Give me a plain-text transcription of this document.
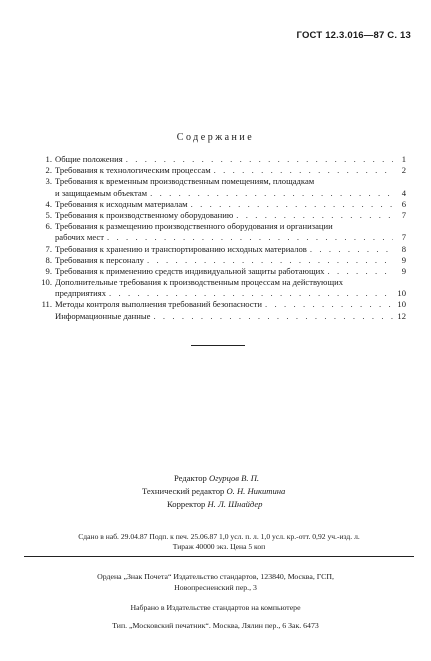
ГОСТ 12.3.016—87 С. 13
Содержание
1. Общие положения . . .	1
2. Требования к технологическим процессам . . .	2
3. Требования к временным производственным помещениям, площадкам
и защищаемым объектам . . .	4
4. Требования к исходным материалам . . .	6
5. Требования к производственному оборудованию . . .	7
6. Требования к размещению производственного оборудования и организации
рабочих мест . . .	7
7. Требования к хранению и транспортированию исходных материалов . . .	8
8. Требования к персоналу . . .	9
9. Требования к применению средств индивидуальной защиты работающих . . .	9
10. Дополнительные требования к производственным процессам на действующих
предприятиях . . .	10
11. Методы контроля выполнения требований безопасности . . .	10
Информационные данные . . .	12
Редактор Огурцов В. П.
Технический редактор О. Н. Никитина
Корректор Н. Л. Шнайдер
Сдано в наб. 29.04.87 Подп. к печ. 25.06.87 1,0 усл. п. л. 1,0 усл. кр.-отт. 0,92 уч.-изд. л.
Тираж 40000 экз. Цена 5 коп
Ордена „Знак Почета“ Издательство стандартов, 123840, Москва, ГСП,
Новопресненский пер., 3
Набрано в Издательстве стандартов на компьютере
Тип. „Московский печатник“. Москва, Лялин пер., 6 Зак. 6473
